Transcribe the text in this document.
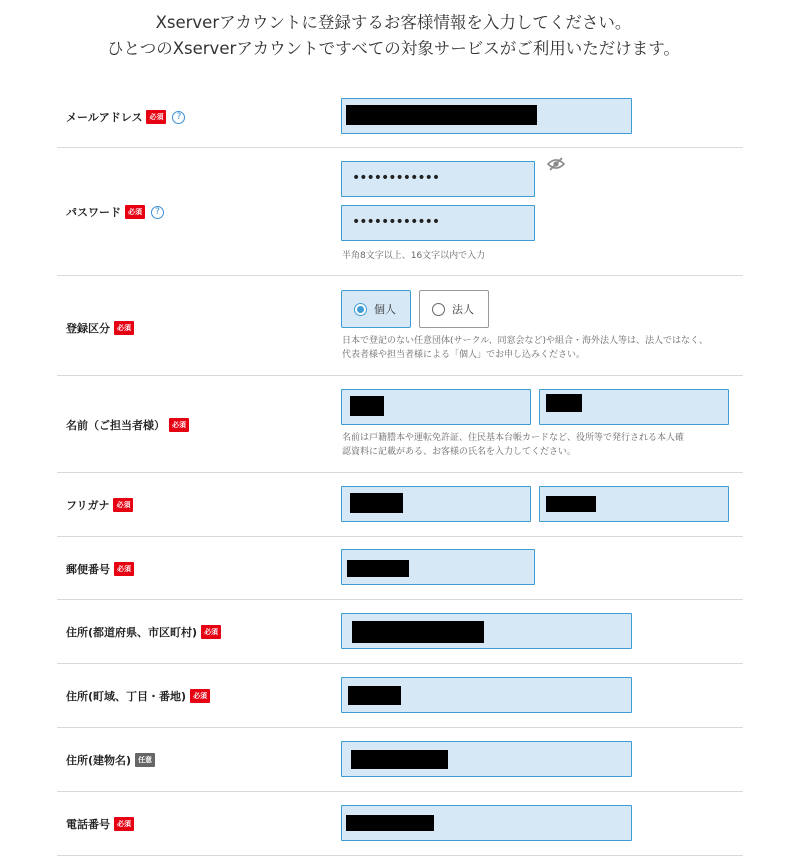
Xserverアカウントに登録するお客様情報を入力してください。
ひとつのXserverアカウントですべての対象サービスがご利用いただけます。
メールアドレス	必須	?
パスワード	必須	?
••••••••••••
••••••••••••
半角8文字以上、16文字以内で入力
登録区分	必須
個人	法人
日本で登記のない任意団体(サークル、同窓会など)や組合・海外法人等は、法人ではなく、
代表者様や担当者様による「個人」でお申し込みください。
名前（ご担当者様）	必須
名前は戸籍謄本や運転免許証、住民基本台帳カードなど、役所等で発行される本人確
認資料に記載がある、お客様の氏名を入力してください。
フリガナ	必須
郵便番号	必須
住所(都道府県、市区町村)	必須
住所(町域、丁目・番地)	必須
住所(建物名)	任意
電話番号	必須
